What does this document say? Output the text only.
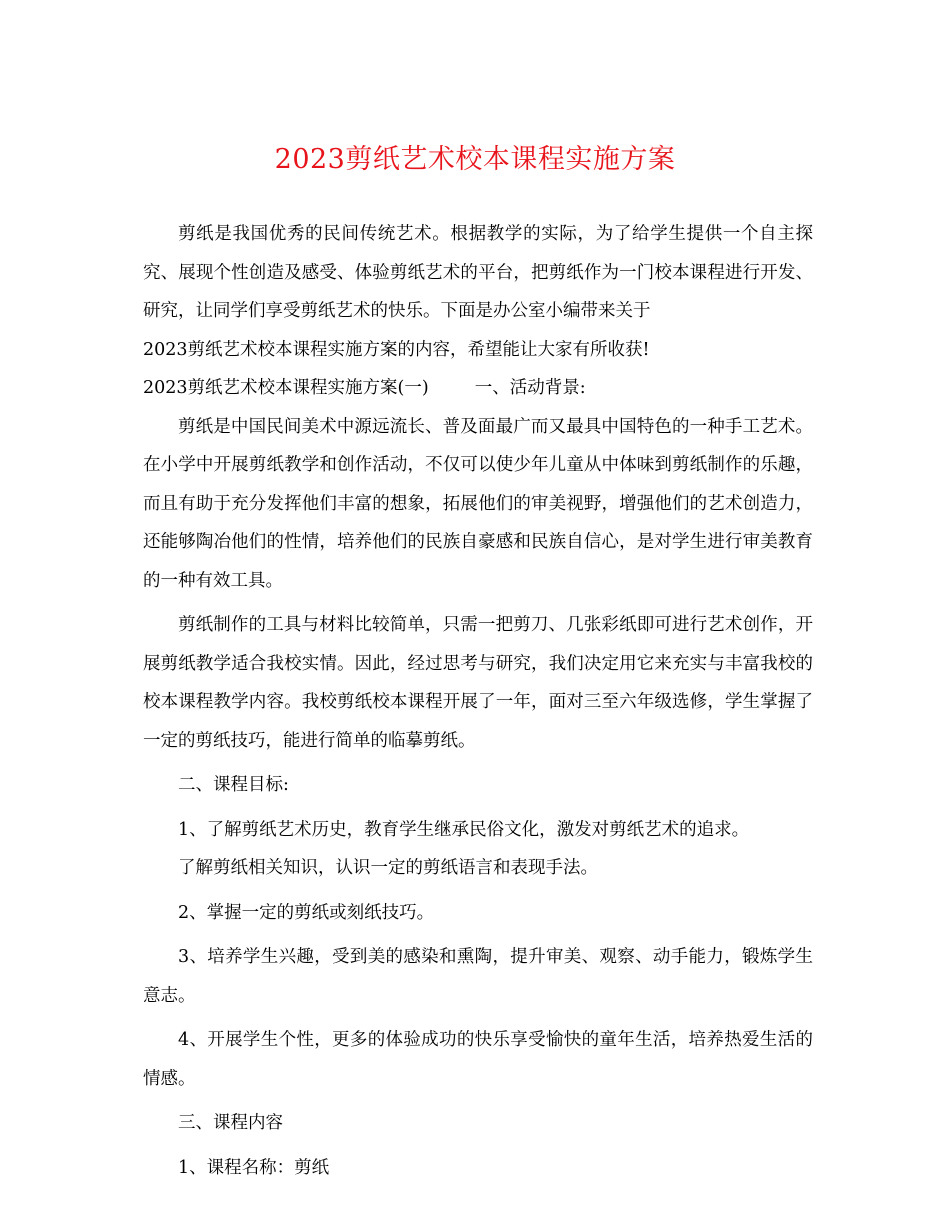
2023剪纸艺术校本课程实施方案

剪纸是我国优秀的民间传统艺术。根据教学的实际，为了给学生提供一个自主探究、展现个性创造及感受、体验剪纸艺术的平台，把剪纸作为一门校本课程进行开发、研究，让同学们享受剪纸艺术的快乐。下面是办公室小编带来关于

2023剪纸艺术校本课程实施方案的内容，希望能让大家有所收获!

2023剪纸艺术校本课程实施方案(一)	一、活动背景:

剪纸是中国民间美术中源远流长、普及面最广而又最具中国特色的一种手工艺术。在小学中开展剪纸教学和创作活动，不仅可以使少年儿童从中体味到剪纸制作的乐趣，而且有助于充分发挥他们丰富的想象，拓展他们的审美视野，增强他们的艺术创造力，还能够陶冶他们的性情，培养他们的民族自豪感和民族自信心，是对学生进行审美教育的一种有效工具。

剪纸制作的工具与材料比较简单，只需一把剪刀、几张彩纸即可进行艺术创作，开展剪纸教学适合我校实情。因此，经过思考与研究，我们决定用它来充实与丰富我校的校本课程教学内容。我校剪纸校本课程开展了一年，面对三至六年级选修，学生掌握了一定的剪纸技巧，能进行简单的临摹剪纸。

二、课程目标:

1、了解剪纸艺术历史，教育学生继承民俗文化，激发对剪纸艺术的追求。

了解剪纸相关知识，认识一定的剪纸语言和表现手法。

2、掌握一定的剪纸或刻纸技巧。

3、培养学生兴趣，受到美的感染和熏陶，提升审美、观察、动手能力，锻炼学生意志。

4、开展学生个性，更多的体验成功的快乐享受愉快的童年生活，培养热爱生活的情感。

三、课程内容

1、课程名称：剪纸
